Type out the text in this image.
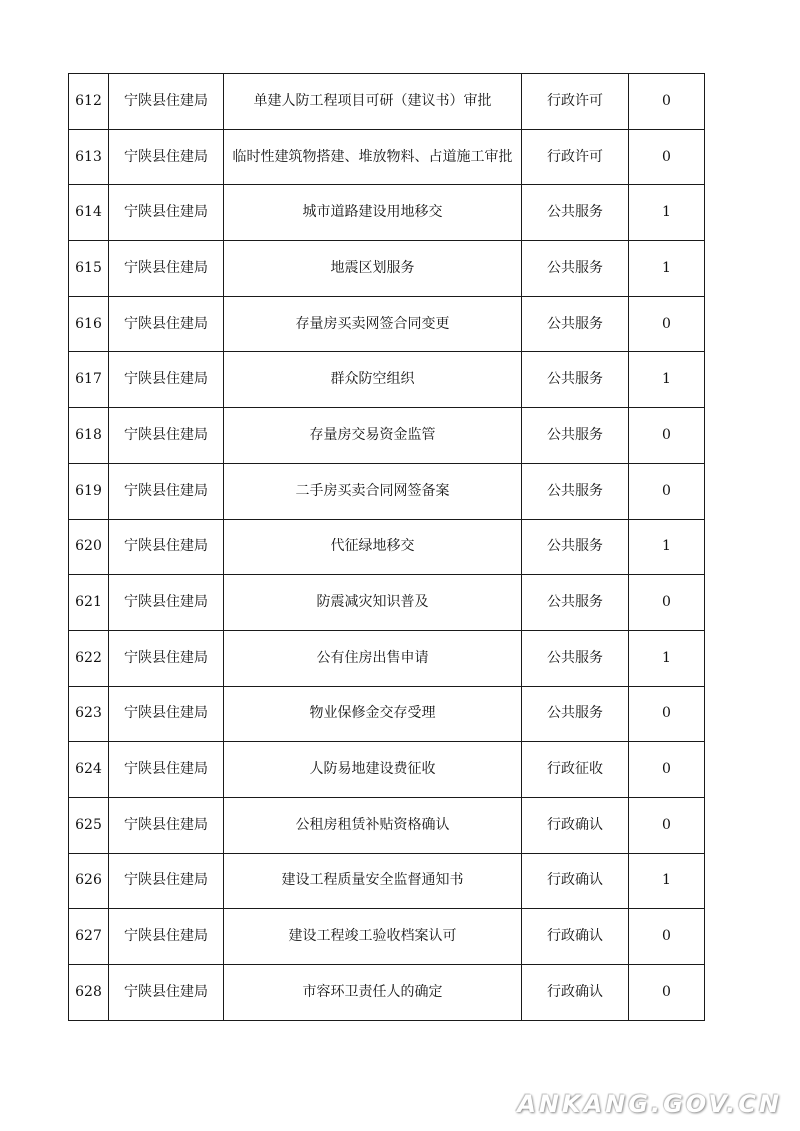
612	宁陕县住建局	单建人防工程项目可研（建议书）审批	行政许可	0
613	宁陕县住建局	临时性建筑物搭建、堆放物料、占道施工审批	行政许可	0
614	宁陕县住建局	城市道路建设用地移交	公共服务	1
615	宁陕县住建局	地震区划服务	公共服务	1
616	宁陕县住建局	存量房买卖网签合同变更	公共服务	0
617	宁陕县住建局	群众防空组织	公共服务	1
618	宁陕县住建局	存量房交易资金监管	公共服务	0
619	宁陕县住建局	二手房买卖合同网签备案	公共服务	0
620	宁陕县住建局	代征绿地移交	公共服务	1
621	宁陕县住建局	防震减灾知识普及	公共服务	0
622	宁陕县住建局	公有住房出售申请	公共服务	1
623	宁陕县住建局	物业保修金交存受理	公共服务	0
624	宁陕县住建局	人防易地建设费征收	行政征收	0
625	宁陕县住建局	公租房租赁补贴资格确认	行政确认	0
626	宁陕县住建局	建设工程质量安全监督通知书	行政确认	1
627	宁陕县住建局	建设工程竣工验收档案认可	行政确认	0
628	宁陕县住建局	市容环卫责任人的确定	行政确认	0
ANKANG.GOV.CN
